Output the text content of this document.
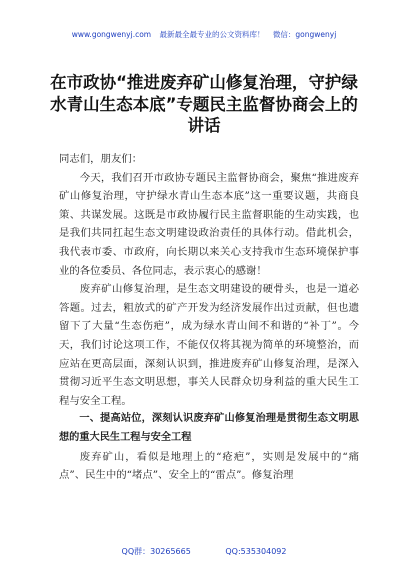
www.gongwenyj.com 最新最全最专业的公文资料库！ 微信：gongwenyj
在市政协“推进废弃矿山修复治理，守护绿水青山生态本底”专题民主监督协商会上的讲话

同志们，朋友们：

今天，我们召开市政协专题民主监督协商会，聚焦“推进废弃矿山修复治理，守护绿水青山生态本底”这一重要议题，共商良策、共谋发展。这既是市政协履行民主监督职能的生动实践，也是我们共同扛起生态文明建设政治责任的具体行动。借此机会，我代表市委、市政府，向长期以来关心支持我市生态环境保护事业的各位委员、各位同志，表示衷心的感谢！

废弃矿山修复治理，是生态文明建设的硬骨头，也是一道必答题。过去，粗放式的矿产开发为经济发展作出过贡献，但也遗留下了大量“生态伤疤”，成为绿水青山间不和谐的“补丁”。今天，我们讨论这项工作，不能仅仅将其视为简单的环境整治，而应站在更高层面，深刻认识到，推进废弃矿山修复治理，是深入贯彻习近平生态文明思想，事关人民群众切身利益的重大民生工程与安全工程。

一、提高站位，深刻认识废弃矿山修复治理是贯彻生态文明思想的重大民生工程与安全工程

废弃矿山，看似是地理上的“疮疤”，实则是发展中的“痛点”、民生中的“堵点”、安全上的“雷点”。修复治理

QQ群：30265665	QQ:535304092
